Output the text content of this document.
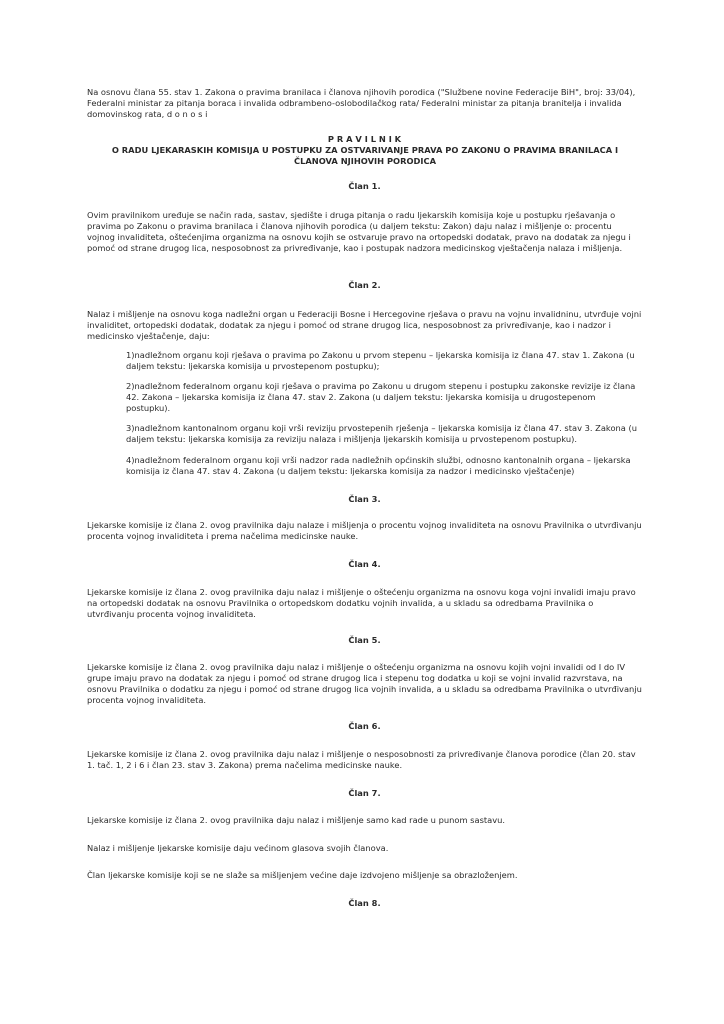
Na osnovu člana 55. stav 1. Zakona o pravima branilaca i članova njihovih porodica ("Službene novine Federacije BiH", broj: 33/04), Federalni ministar za pitanja boraca i invalida odbrambeno-oslobodilačkog rata/ Federalni ministar za pitanja branitelja i invalida domovinskog rata, d o n o s i
P R A V I L N I K
O RADU LJEKARASKIH KOMISIJA U POSTUPKU ZA OSTVARIVANJE PRAVA PO ZAKONU O PRAVIMA BRANILACA I ČLANOVA NJIHOVIH PORODICA
Član 1.
Ovim pravilnikom uređuje se način rada, sastav, sjedište i druga pitanja o radu ljekarskih komisija koje u postupku rješavanja o pravima po Zakonu o pravima branilaca i članova njihovih porodica (u daljem tekstu: Zakon) daju nalaz i mišljenje o: procentu vojnog invaliditeta, oštećenjima organizma na osnovu kojih se ostvaruje pravo na ortopedski dodatak, pravo na dodatak za njegu i pomoć od strane drugog lica, nesposobnost za privređivanje, kao i postupak nadzora medicinskog vještačenja nalaza i mišljenja.
Član 2.
Nalaz i mišljenje na osnovu koga nadležni organ u Federaciji Bosne i Hercegovine rješava o pravu na vojnu invalidninu, utvrđuje vojni invaliditet, ortopedski dodatak, dodatak za njegu i pomoć od strane drugog lica, nesposobnost za privređivanje, kao i nadzor i medicinsko vještačenje, daju:
1)nadležnom organu koji rješava o pravima po Zakonu u prvom stepenu – ljekarska komisija iz člana 47. stav 1. Zakona (u daljem tekstu: ljekarska komisija u prvostepenom postupku);
2)nadležnom federalnom organu koji rješava o pravima po Zakonu u drugom stepenu i postupku zakonske revizije iz člana 42. Zakona – ljekarska komisija iz člana 47. stav 2. Zakona (u daljem tekstu: ljekarska komisija u drugostepenom postupku).
3)nadležnom kantonalnom organu koji vrši reviziju prvostepenih rješenja – ljekarska komisija iz člana 47. stav 3. Zakona (u daljem tekstu: ljekarska komisija za reviziju nalaza i mišljenja ljekarskih komisija u prvostepenom postupku).
4)nadležnom federalnom organu koji vrši nadzor rada nadležnih općinskih službi, odnosno kantonalnih organa – ljekarska komisija iz člana 47. stav 4. Zakona (u daljem tekstu: ljekarska komisija za nadzor i medicinsko vještačenje)
Član 3.
Ljekarske komisije iz člana 2. ovog pravilnika daju nalaze i mišljenja o procentu vojnog invaliditeta na osnovu Pravilnika o utvrđivanju procenta vojnog invaliditeta i prema načelima medicinske nauke.
Član 4.
Ljekarske komisije iz člana 2. ovog pravilnika daju nalaz i mišljenje o oštećenju organizma na osnovu koga vojni invalidi imaju pravo na ortopedski dodatak na osnovu Pravilnika o ortopedskom dodatku vojnih invalida, a u skladu sa odredbama Pravilnika o utvrđivanju procenta vojnog invaliditeta.
Član 5.
Ljekarske komisije iz člana 2. ovog pravilnika daju nalaz i mišljenje o oštećenju organizma na osnovu kojih vojni invalidi od I do IV grupe imaju pravo na dodatak za njegu i pomoć od strane drugog lica i stepenu tog dodatka u koji se vojni invalid razvrstava, na osnovu Pravilnika o dodatku za njegu i pomoć od strane drugog lica vojnih invalida, a u skladu sa odredbama Pravilnika o utvrđivanju procenta vojnog invaliditeta.
Član 6.
Ljekarske komisije iz člana 2. ovog pravilnika daju nalaz i mišljenje o nesposobnosti za privređivanje članova porodice (član 20. stav 1. tač. 1, 2 i 6 i član 23. stav 3. Zakona) prema načelima medicinske nauke.
Član 7.
Ljekarske komisije iz člana 2. ovog pravilnika daju nalaz i mišljenje samo kad rade u punom sastavu.
Nalaz i mišljenje ljekarske komisije daju većinom glasova svojih članova.
Član ljekarske komisije koji se ne slaže sa mišljenjem većine daje izdvojeno mišljenje sa obrazloženjem.
Član 8.
